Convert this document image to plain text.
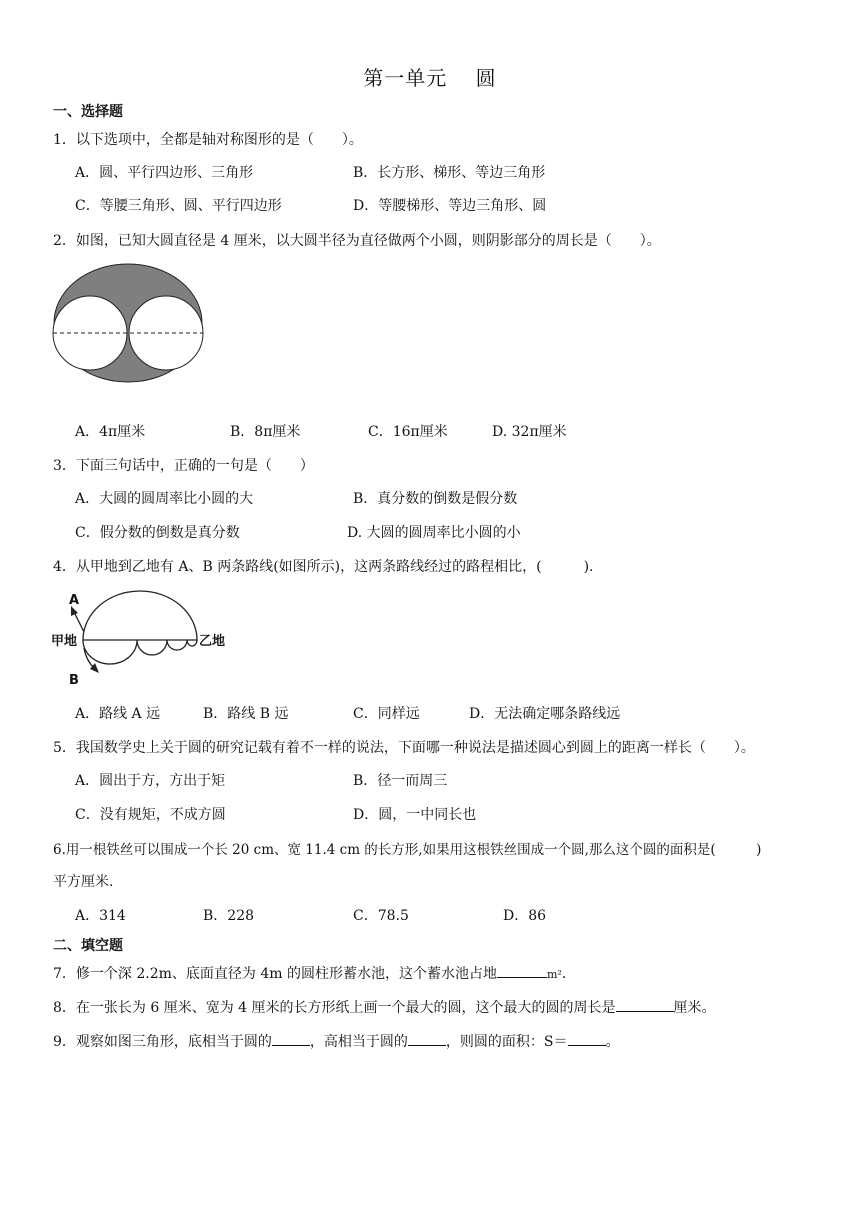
第一单元　 圆
一、选择题
1．以下选项中，全都是轴对称图形的是（　　）。
A．圆、平行四边形、三角形	B．长方形、梯形、等边三角形
C．等腰三角形、圆、平行四边形	D．等腰梯形、等边三角形、圆
2．如图，已知大圆直径是 4 厘米，以大圆半径为直径做两个小圆，则阴影部分的周长是（　　）。
A．4π厘米	B．8π厘米	C．16π厘米	D. 32π厘米
3．下面三句话中，正确的一句是（　　）
A．大圆的圆周率比小圆的大	B．真分数的倒数是假分数
C．假分数的倒数是真分数	D. 大圆的圆周率比小圆的小
4．从甲地到乙地有 A、B 两条路线(如图所示)，这两条路线经过的路程相比，(　　　).
A
甲地	乙地
B
A．路线 A 远	B．路线 B 远	C．同样远	D．无法确定哪条路线远
5．我国数学史上关于圆的研究记载有着不一样的说法，下面哪一种说法是描述圆心到圆上的距离一样长（　　）。
A．圆出于方，方出于矩	B．径一而周三
C．没有规矩，不成方圆	D．圆，一中同长也
6.用一根铁丝可以围成一个长 20 cm、宽 11.4 cm 的长方形,如果用这根铁丝围成一个圆,那么这个圆的面积是(　　　)
平方厘米.
A．314	B．228	C．78.5	D．86
二、填空题
7．修一个深 2.2m、底面直径为 4m 的圆柱形蓄水池，这个蓄水池占地	m².
8．在一张长为 6 厘米、宽为 4 厘米的长方形纸上画一个最大的圆，这个最大的圆的周长是	厘米。
9．观察如图三角形，底相当于圆的	，高相当于圆的	，则圆的面积：S＝	。
